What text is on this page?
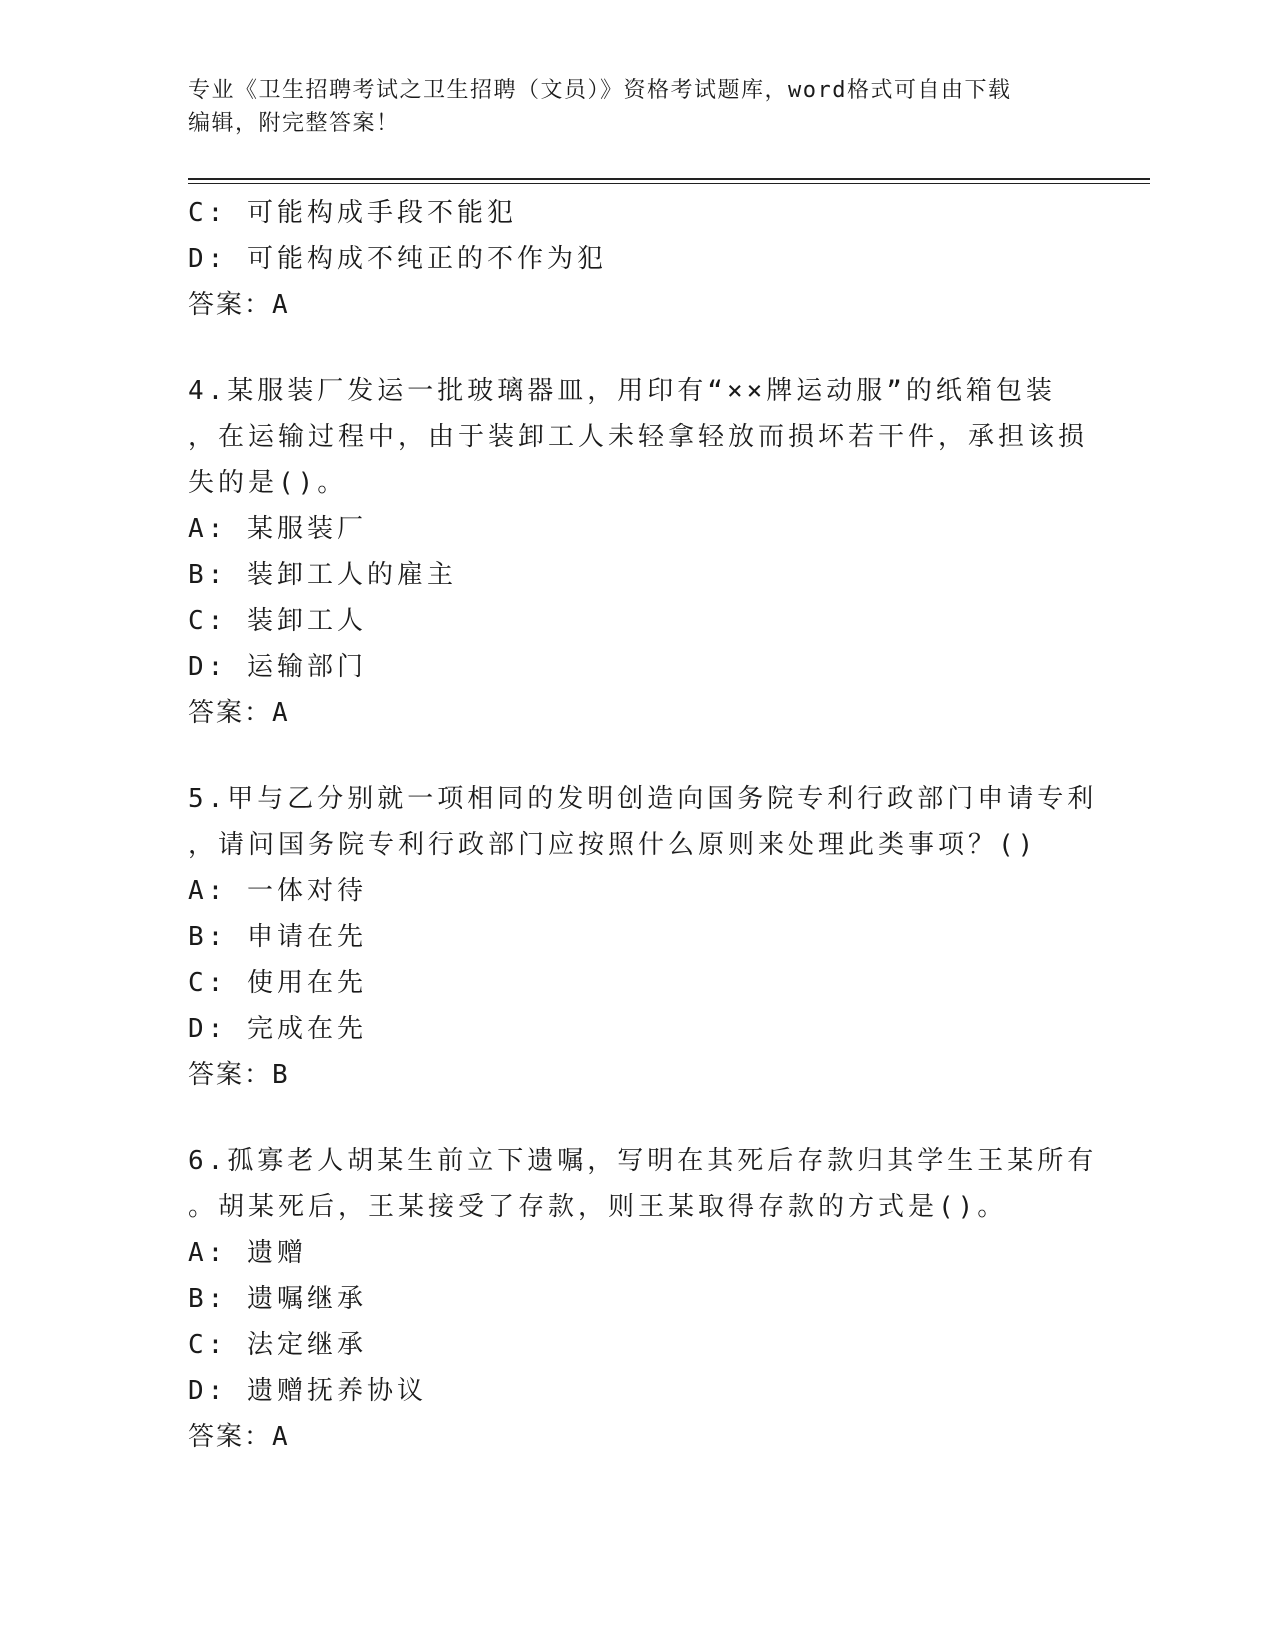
专业《卫生招聘考试之卫生招聘（文员）》资格考试题库，word格式可自由下载
编辑，附完整答案！
C: 可能构成手段不能犯
D: 可能构成不纯正的不作为犯
答案：A
4.某服装厂发运一批玻璃器皿，用印有“××牌运动服”的纸箱包装
，在运输过程中，由于装卸工人未轻拿轻放而损坏若干件，承担该损
失的是()。
A: 某服装厂
B: 装卸工人的雇主
C: 装卸工人
D: 运输部门
答案：A
5.甲与乙分别就一项相同的发明创造向国务院专利行政部门申请专利
，请问国务院专利行政部门应按照什么原则来处理此类事项？()
A: 一体对待
B: 申请在先
C: 使用在先
D: 完成在先
答案：B
6.孤寡老人胡某生前立下遗嘱，写明在其死后存款归其学生王某所有
。胡某死后，王某接受了存款，则王某取得存款的方式是()。
A: 遗赠
B: 遗嘱继承
C: 法定继承
D: 遗赠抚养协议
答案：A
